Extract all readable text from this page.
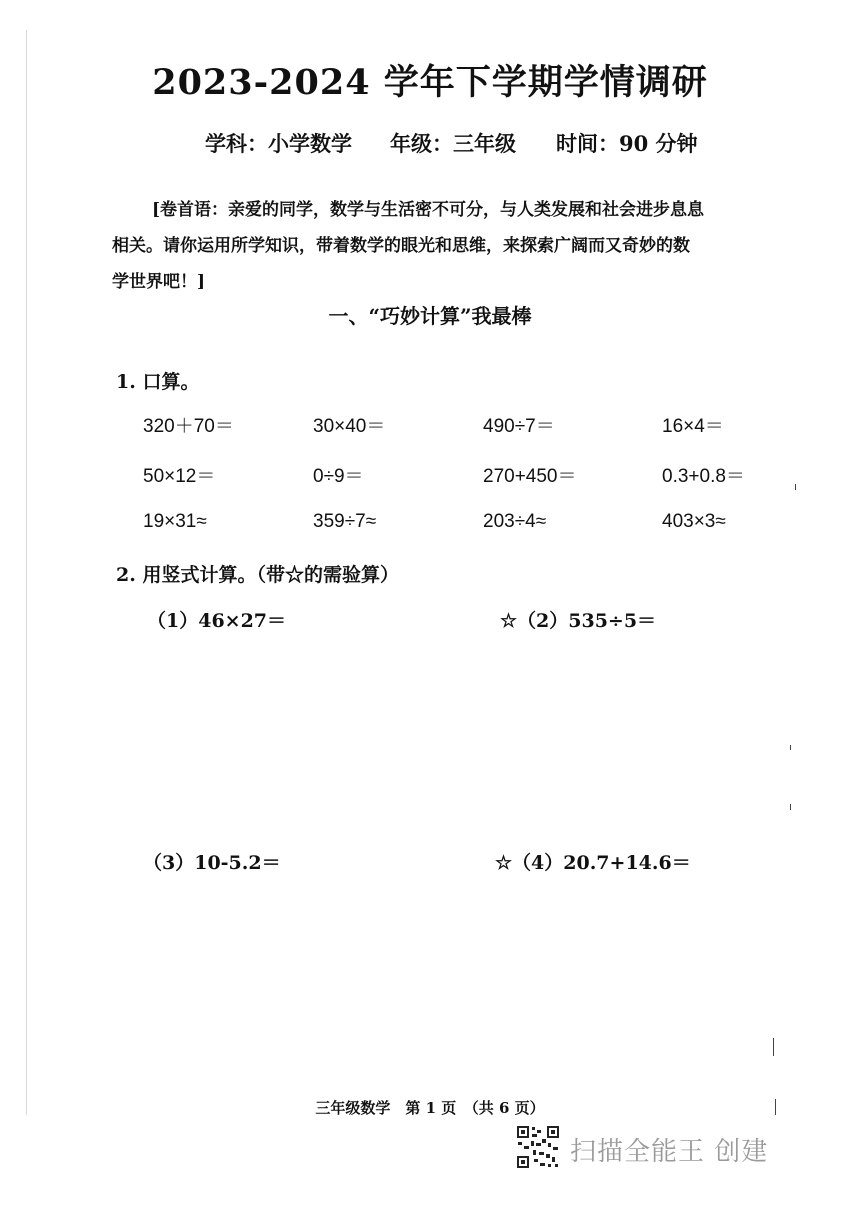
2023-2024 学年下学期学情调研
学科：小学数学 年级：三年级 时间：90 分钟
[卷首语：亲爱的同学，数学与生活密不可分，与人类发展和社会进步息息
相关。请你运用所学知识，带着数学的眼光和思维，来探索广阔而又奇妙的数
学世界吧！]
一、“巧妙计算”我最棒
1. 口算。
320＋70＝	30×40＝	490÷7＝	16×4＝
50×12＝	0÷9＝	270+450＝	0.3+0.8＝
19×31≈	359÷7≈	203÷4≈	403×3≈
2. 用竖式计算。（带☆的需验算）
（1）46×27＝	☆（2）535÷5＝
（3）10-5.2＝	☆（4）20.7+14.6＝
三年级数学　第 1 页　（共 6 页）
扫描全能王 创建
